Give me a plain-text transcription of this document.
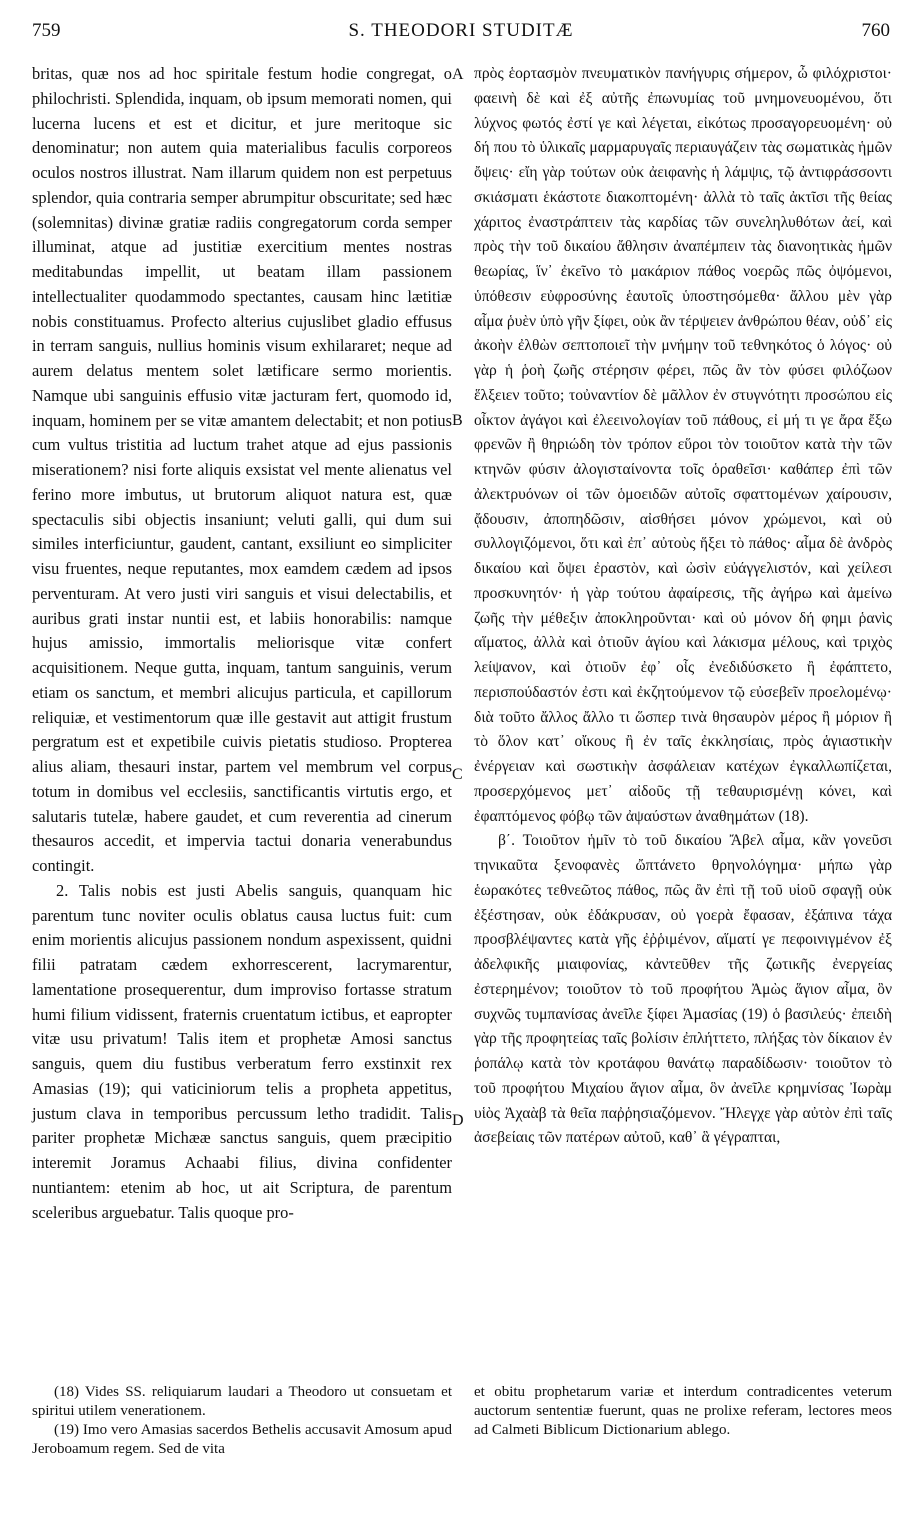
759	S. THEODORI STUDITÆ	760

britas, quæ nos ad hoc spiritale festum hodie congregat, o philochristi. Splendida, inquam, ob ipsum memorati nomen, qui lucerna lucens et est et dicitur, et jure meritoque sic denominatur; non autem quia materialibus faculis corporeos oculos nostros illustrat. Nam illarum quidem non est perpetuus splendor, quia contraria semper abrumpitur obscuritate; sed hæc (solemnitas) divinæ gratiæ radiis congregatorum corda semper illuminat, atque ad justitiæ exercitium mentes nostras meditabundas impellit, ut beatam illam passionem intellectualiter quodammodo spectantes, causam hinc lætitiæ nobis constituamus. Profecto alterius cujuslibet gladio effusus in terram sanguis, nullius hominis visum exhilararet; neque ad aurem delatus mentem solet lætificare sermo morientis. Namque ubi sanguinis effusio vitæ jacturam fert, quomodo id, inquam, hominem per se vitæ amantem delectabit; et non potius cum vultus tristitia ad luctum trahet atque ad ejus passionis miserationem? nisi forte aliquis exsistat vel mente alienatus vel ferino more imbutus, ut brutorum aliquot natura est, quæ spectaculis sibi objectis insaniunt; veluti galli, qui dum sui similes interficiuntur, gaudent, cantant, exsiliunt eo simpliciter visu fruentes, neque reputantes, mox eamdem cædem ad ipsos perventuram. At vero justi viri sanguis et visui delectabilis, et auribus grati instar nuntii est, et labiis honorabilis: namque hujus amissio, immortalis meliorisque vitæ confert acquisitionem. Neque gutta, inquam, tantum sanguinis, verum etiam os sanctum, et membri alicujus particula, et capillorum reliquiæ, et vestimentorum quæ ille gestavit aut attigit frustum pergratum est et expetibile cuivis pietatis studioso. Propterea alius aliam, thesauri instar, partem vel membrum vel corpus totum in domibus vel ecclesiis, sanctificantis virtutis ergo, et salutaris tutelæ, habere gaudet, et cum reverentia ad cinerum thesauros accedit, et impervia tactui donaria venerabundus contingit.

2. Talis nobis est justi Abelis sanguis, quanquam hic parentum tunc noviter oculis oblatus causa luctus fuit: cum enim morientis alicujus passionem nondum aspexissent, quidni filii patratam cædem exhorrescerent, lacrymarentur, lamentatione prosequerentur, dum improviso fortasse stratum humi filium vidissent, fraternis cruentatum ictibus, et eapropter vitæ usu privatum! Talis item et prophetæ Amosi sanctus sanguis, quem diu fustibus verberatum ferro exstinxit rex Amasias (19); qui vaticiniorum telis a propheta appetitus, justum clava in temporibus percussum letho tradidit. Talis pariter prophetæ Michææ sanctus sanguis, quem præcipitio interemit Joramus Achaabi filius, divina confidenter nuntiantem: etenim ab hoc, ut ait Scriptura, de parentum sceleribus arguebatur. Talis quoque pro-

A
B
C
D

πρὸς ἑορτασμὸν πνευματικὸν πανήγυρις σήμερον, ὦ φιλόχριστοι· φαεινὴ δὲ καὶ ἐξ αὐτῆς ἐπωνυμίας τοῦ μνημονευομένου, ὅτι λύχνος φωτός ἐστί γε καὶ λέγεται, εἰκότως προσαγορευομένη· οὐ δή που τὸ ὑλικαῖς μαρμαρυγαῖς περιαυγάζειν τὰς σωματικὰς ἡμῶν ὄψεις· εἴη γὰρ τούτων οὐκ ἀειφανὴς ἡ λάμψις, τῷ ἀντιφράσσοντι σκιάσματι ἑκάστοτε διακοπτομένη· ἀλλὰ τὸ ταῖς ἀκτῖσι τῆς θείας χάριτος ἐναστράπτειν τὰς καρδίας τῶν συνεληλυθότων ἀεί, καὶ πρὸς τὴν τοῦ δικαίου ἄθλησιν ἀναπέμπειν τὰς διανοητικὰς ἡμῶν θεωρίας, ἵν᾽ ἐκεῖνο τὸ μακάριον πάθος νοερῶς πῶς ὀψόμενοι, ὑπόθεσιν εὐφροσύνης ἑαυτοῖς ὑποστησόμεθα· ἄλλου μὲν γὰρ αἷμα ῥυὲν ὑπὸ γῆν ξίφει, οὐκ ἂν τέρψειεν ἀνθρώπου θέαν, οὐδ᾽ εἰς ἀκοὴν ἐλθὼν σεπτοποιεῖ τὴν μνήμην τοῦ τεθνηκότος ὁ λόγος· οὐ γὰρ ἡ ῥοὴ ζωῆς στέρησιν φέρει, πῶς ἂν τὸν φύσει φιλόζωον ἕλξειεν τοῦτο; τοὐναντίον δὲ μᾶλλον ἐν στυγνότητι προσώπου εἰς οἶκτον ἀγάγοι καὶ ἐλεεινολογίαν τοῦ πάθους, εἰ μή τι γε ἄρα ἔξω φρενῶν ἢ θηριώδη τὸν τρόπον εὕροι τὸν τοιοῦτον κατὰ τὴν τῶν κτηνῶν φύσιν ἀλογισταίνοντα τοῖς ὁραθεῖσι· καθάπερ ἐπὶ τῶν ἀλεκτρυόνων οἱ τῶν ὁμοειδῶν αὐτοῖς σφαττομένων χαίρουσιν, ᾄδουσιν, ἀποπηδῶσιν, αἰσθήσει μόνον χρώμενοι, καὶ οὐ συλλογιζόμενοι, ὅτι καὶ ἐπ᾽ αὐτοὺς ἥξει τὸ πάθος· αἷμα δὲ ἀνδρὸς δικαίου καὶ ὄψει ἐραστὸν, καὶ ὠσὶν εὐάγγελιστόν, καὶ χείλεσι προσκυνητόν· ἡ γὰρ τούτου ἀφαίρεσις, τῆς ἀγήρω καὶ ἀμείνω ζωῆς τὴν μέθεξιν ἀποκληροῦνται· καὶ οὐ μόνον δή φημι ῥανὶς αἵματος, ἀλλὰ καὶ ὀτιοῦν ἁγίου καὶ λάκισμα μέλους, καὶ τριχὸς λείψανον, καὶ ὀτιοῦν ἐφ᾽ οἷς ἐνεδιδύσκετο ἢ ἐφάπτετο, περισπούδαστόν ἐστι καὶ ἐκζητούμενον τῷ εὐσεβεῖν προελομένῳ· διὰ τοῦτο ἄλλος ἄλλο τι ὥσπερ τινὰ θησαυρὸν μέρος ἢ μόριον ἢ τὸ ὅλον κατ᾽ οἴκους ἢ ἐν ταῖς ἐκκλησίαις, πρὸς ἁγιαστικὴν ἐνέργειαν καὶ σωστικὴν ἀσφάλειαν κατέχων ἐγκαλλωπίζεται, προσερχόμενος μετ᾽ αἰδοῦς τῇ τεθαυρισμένῃ κόνει, καὶ ἐφαπτόμενος φόβῳ τῶν ἀψαύστων ἀναθημάτων (18).

β΄. Τοιοῦτον ἡμῖν τὸ τοῦ δικαίου Ἄβελ αἷμα, κἂν γονεῦσι τηνικαῦτα ξενοφανὲς ὤπτάνετο θρηνολόγημα· μήπω γὰρ ἑωρακότες τεθνεῶτος πάθος, πῶς ἂν ἐπὶ τῇ τοῦ υἱοῦ σφαγῇ οὐκ ἐξέστησαν, οὐκ ἐδάκρυσαν, οὐ γοερὰ ἔφασαν, ἐξάπινα τάχα προσβλέψαντες κατὰ γῆς ἐῤῥιμένον, αἵματί γε πεφοινιγμένον ἐξ ἀδελφικῆς μιαιφονίας, κἀντεῦθεν τῆς ζωτικῆς ἐνεργείας ἐστερημένον; τοιοῦτον τὸ τοῦ προφήτου Ἀμὼς ἅγιον αἷμα, ὃν συχνῶς τυμπανίσας ἀνεῖλε ξίφει Ἀμασίας (19) ὁ βασιλεύς· ἐπειδὴ γὰρ τῆς προφητείας ταῖς βολίσιν ἐπλήττετο, πλήξας τὸν δίκαιον ἐν ῥοπάλῳ κατὰ τὸν κροτάφου θανάτῳ παραδίδωσιν· τοιοῦτον τὸ τοῦ προφήτου Μιχαίου ἅγιον αἷμα, ὃν ἀνεῖλε κρημνίσας Ἰωρὰμ υἱὸς Ἀχαὰβ τὰ θεῖα παῤῥησιαζόμενον. Ἤλεγχε γὰρ αὐτὸν ἐπὶ ταῖς ἀσεβείαις τῶν πατέρων αὐτοῦ, καθ᾽ ἃ γέγραπται,

(18) Vides SS. reliquiarum laudari a Theodoro ut consuetam et spiritui utilem venerationem.

(19) Imo vero Amasias sacerdos Bethelis accusavit Amosum apud Jeroboamum regem. Sed de vita

et obitu prophetarum variæ et interdum contradicentes veterum auctorum sententiæ fuerunt, quas ne prolixe referam, lectores meos ad Calmeti Biblicum Dictionarium ablego.
